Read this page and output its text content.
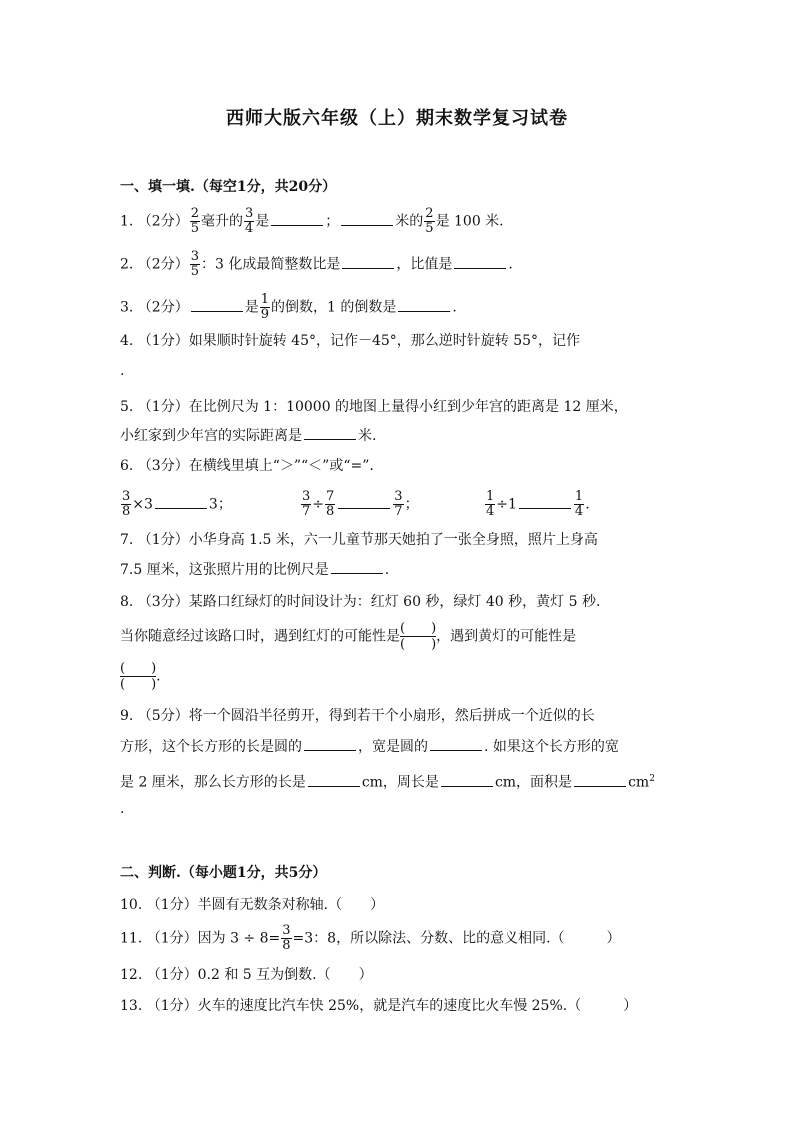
西师大版六年级（上）期末数学复习试卷
一、填一填.（每空1分，共20分）
1. （2分） $\frac{2}{5}$ 毫升的 $\frac{3}{4}$ 是	；	米的 $\frac{2}{5}$ 是 100 米.
2. （2分） $\frac{3}{5}$ ：3 化成最简整数比是	，比值是	.
3. （2分）	是 $\frac{1}{9}$ 的倒数，1 的倒数是	.
4. （1分）如果顺时针旋转 45°，记作－45°，那么逆时针旋转 55°，记作
.
5. （1分）在比例尺为 1：10000 的地图上量得小红到少年宫的距离是 12 厘米，
小红家到少年宫的实际距离是	米.
6. （3分）在横线里填上“＞”“＜”或“=”.
$\frac{3}{8} \times 3$	3；	$\frac{3}{7} \div \frac{7}{8}$	$\frac{3}{7}$ ；	$\frac{1}{4} \div 1$	$\frac{1}{4}$ .
7. （1分）小华身高 1.5 米，六一儿童节那天她拍了一张全身照，照片上身高
7.5 厘米，这张照片用的比例尺是	.
8. （3分）某路口红绿灯的时间设计为：红灯 60 秒，绿灯 40 秒，黄灯 5 秒.
当你随意经过该路口时，遇到红灯的可能性是 (　　)
(　　) ，遇到黄灯的可能性是
(　　)
(　　) .
9. （5分）将一个圆沿半径剪开，得到若干个小扇形，然后拼成一个近似的长
方形，这个长方形的长是圆的	，宽是圆的	. 如果这个长方形的宽
是 2 厘米，那么长方形的长是	cm，周长是	cm，面积是	$cm^2$
.
二、判断.（每小题1分，共5分）
10. （1分）半圆有无数条对称轴.（　　）
11. （1分）因为 $3 \div 8= \frac{3}{8} =3$：8，所以除法、分数、比的意义相同.（　　　）
12. （1分）0.2 和 5 互为倒数.（　　）
13. （1分）火车的速度比汽车快 25%，就是汽车的速度比火车慢 25%.（　　　）
